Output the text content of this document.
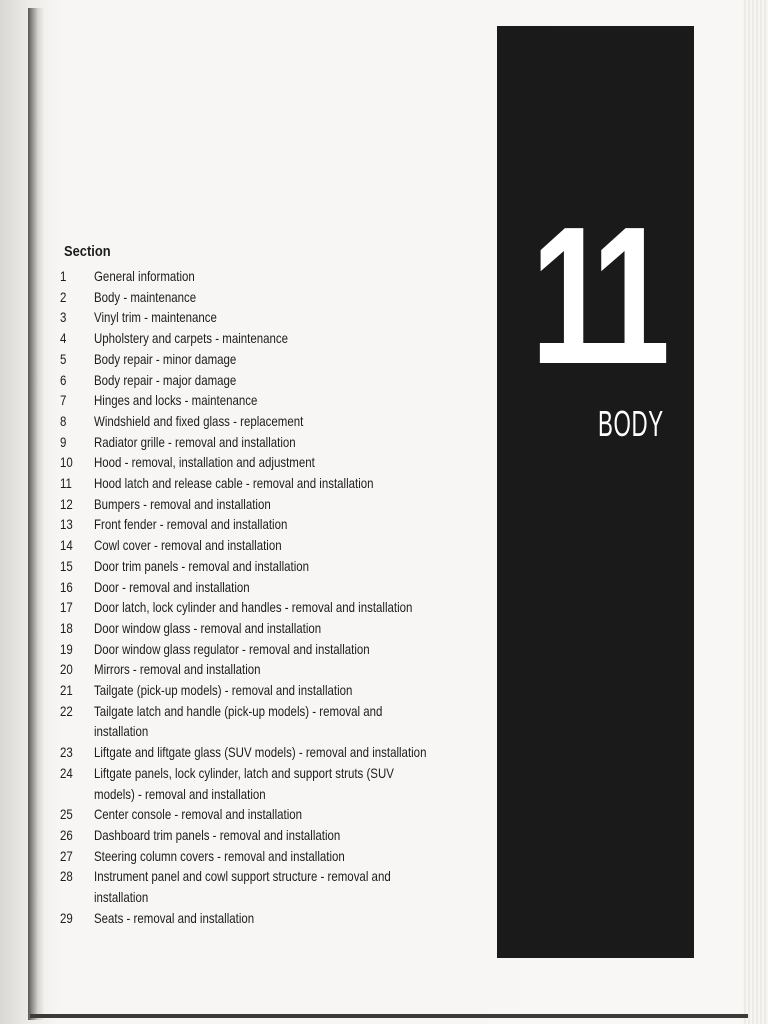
11
BODY
Section
1	General information
2	Body - maintenance
3	Vinyl trim - maintenance
4	Upholstery and carpets - maintenance
5	Body repair - minor damage
6	Body repair - major damage
7	Hinges and locks - maintenance
8	Windshield and fixed glass - replacement
9	Radiator grille - removal and installation
10	Hood - removal, installation and adjustment
11	Hood latch and release cable - removal and installation
12	Bumpers - removal and installation
13	Front fender - removal and installation
14	Cowl cover - removal and installation
15	Door trim panels - removal and installation
16	Door - removal and installation
17	Door latch, lock cylinder and handles - removal and installation
18	Door window glass - removal and installation
19	Door window glass regulator - removal and installation
20	Mirrors - removal and installation
21	Tailgate (pick-up models) - removal and installation
22	Tailgate latch and handle (pick-up models) - removal and installation
23	Liftgate and liftgate glass (SUV models) - removal and installation
24	Liftgate panels, lock cylinder, latch and support struts (SUV models) - removal and installation
25	Center console - removal and installation
26	Dashboard trim panels - removal and installation
27	Steering column covers - removal and installation
28	Instrument panel and cowl support structure - removal and installation
29	Seats - removal and installation
